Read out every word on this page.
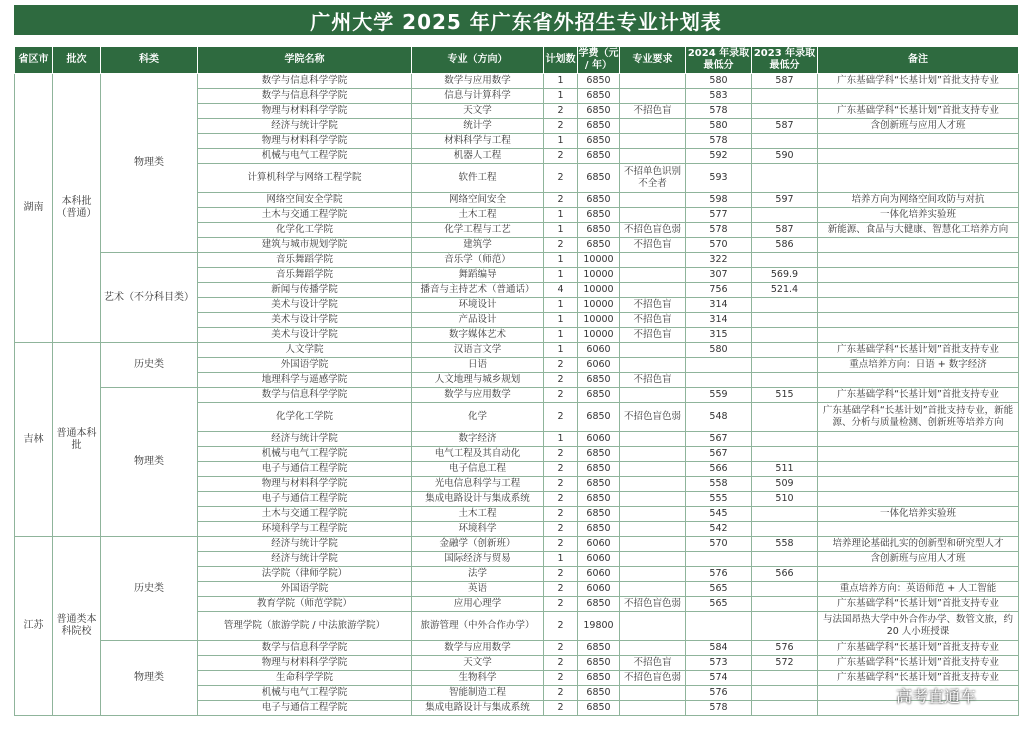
广州大学 2025 年广东省外招生专业计划表
省区市	批次	科类	学院名称	专业（方向）	计划数	学费（元 / 年）	专业要求	2024 年录取最低分	2023 年录取最低分	备注
湖南	本科批（普通）	物理类	数学与信息科学学院	数学与应用数学	1	6850		580	587	广东基础学科“长基计划”首批支持专业
			数学与信息科学学院	信息与计算科学	1	6850		583		
			物理与材料科学学院	天文学	2	6850	不招色盲	578		广东基础学科“长基计划”首批支持专业
			经济与统计学院	统计学	2	6850		580	587	含创新班与应用人才班
			物理与材料科学学院	材料科学与工程	1	6850		578		
			机械与电气工程学院	机器人工程	2	6850		592	590	
			计算机科学与网络工程学院	软件工程	2	6850	不招单色识别不全者	593		
			网络空间安全学院	网络空间安全	2	6850		598	597	培养方向为网络空间攻防与对抗
			土木与交通工程学院	土木工程	1	6850		577		一体化培养实验班
			化学化工学院	化学工程与工艺	1	6850	不招色盲色弱	578	587	新能源、食品与大健康、智慧化工培养方向
			建筑与城市规划学院	建筑学	2	6850	不招色盲	570	586	
		艺术（不分科目类）	音乐舞蹈学院	音乐学（师范）	1	10000		322		
			音乐舞蹈学院	舞蹈编导	1	10000		307	569.9	
			新闻与传播学院	播音与主持艺术（普通话）	4	10000		756	521.4	
			美术与设计学院	环境设计	1	10000	不招色盲	314		
			美术与设计学院	产品设计	1	10000	不招色盲	314		
			美术与设计学院	数字媒体艺术	1	10000	不招色盲	315		
吉林	普通本科批	历史类	人文学院	汉语言文学	1	6060		580		广东基础学科“长基计划”首批支持专业
			外国语学院	日语	2	6060				重点培养方向：日语 + 数字经济
			地理科学与遥感学院	人文地理与城乡规划	2	6850	不招色盲			
		物理类	数学与信息科学学院	数学与应用数学	2	6850		559	515	广东基础学科“长基计划”首批支持专业
			化学化工学院	化学	2	6850	不招色盲色弱	548		广东基础学科“长基计划”首批支持专业，新能源、分析与质量检测、创新班等培养方向
			经济与统计学院	数字经济	1	6060		567		
			机械与电气工程学院	电气工程及其自动化	2	6850		567		
			电子与通信工程学院	电子信息工程	2	6850		566	511	
			物理与材料科学学院	光电信息科学与工程	2	6850		558	509	
			电子与通信工程学院	集成电路设计与集成系统	2	6850		555	510	
			土木与交通工程学院	土木工程	2	6850		545		一体化培养实验班
			环境科学与工程学院	环境科学	2	6850		542		
江苏	普通类本科院校	历史类	经济与统计学院	金融学（创新班）	2	6060		570	558	培养理论基础扎实的创新型和研究型人才
			经济与统计学院	国际经济与贸易	1	6060				含创新班与应用人才班
			法学院（律师学院）	法学	2	6060		576	566	
			外国语学院	英语	2	6060		565		重点培养方向：英语师范 + 人工智能
			教育学院（师范学院）	应用心理学	2	6850	不招色盲色弱	565		广东基础学科“长基计划”首批支持专业
			管理学院（旅游学院 / 中法旅游学院）	旅游管理（中外合作办学）	2	19800				与法国昂热大学中外合作办学、数管文旅，约 20 人小班授课
		物理类	数学与信息科学学院	数学与应用数学	2	6850		584	576	广东基础学科“长基计划”首批支持专业
			物理与材料科学学院	天文学	2	6850	不招色盲	573	572	广东基础学科“长基计划”首批支持专业
			生命科学学院	生物科学	2	6850	不招色盲色弱	574		广东基础学科“长基计划”首批支持专业
			机械与电气工程学院	智能制造工程	2	6850		576		
			电子与通信工程学院	集成电路设计与集成系统	2	6850		578		
高考直通车
